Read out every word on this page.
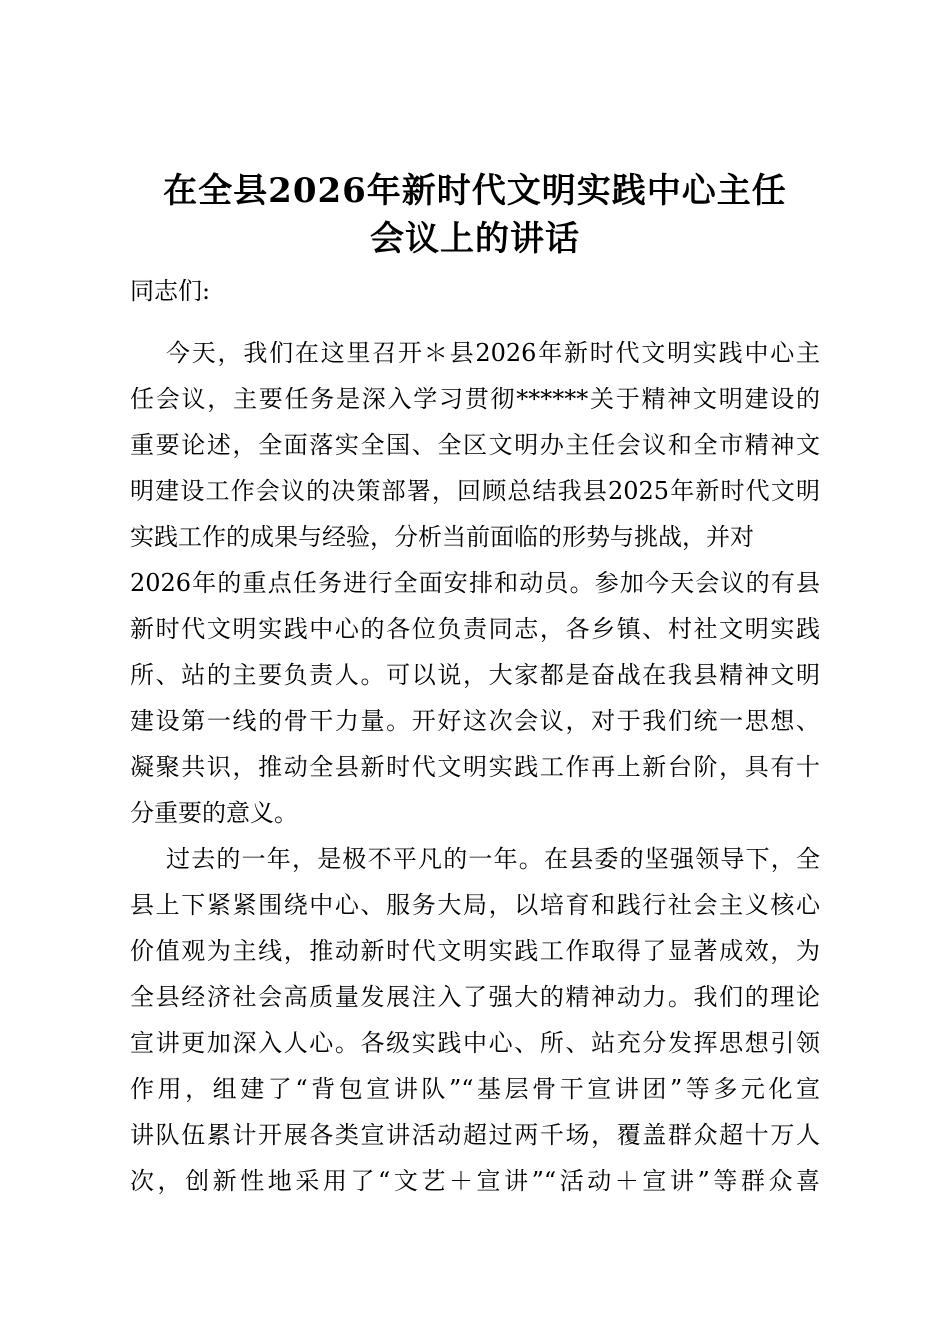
在全县2026年新时代文明实践中心主任
会议上的讲话
同志们:
今天，我们在这里召开＊县2026年新时代文明实践中心主
任会议，主要任务是深入学习贯彻******关于精神文明建设的
重要论述，全面落实全国、全区文明办主任会议和全市精神文
明建设工作会议的决策部署，回顾总结我县2025年新时代文明
实践工作的成果与经验，分析当前面临的形势与挑战，并对
2026年的重点任务进行全面安排和动员。参加今天会议的有县
新时代文明实践中心的各位负责同志，各乡镇、村社文明实践
所、站的主要负责人。可以说，大家都是奋战在我县精神文明
建设第一线的骨干力量。开好这次会议，对于我们统一思想、
凝聚共识，推动全县新时代文明实践工作再上新台阶，具有十
分重要的意义。
过去的一年，是极不平凡的一年。在县委的坚强领导下，全
县上下紧紧围绕中心、服务大局，以培育和践行社会主义核心
价值观为主线，推动新时代文明实践工作取得了显著成效，为
全县经济社会高质量发展注入了强大的精神动力。我们的理论
宣讲更加深入人心。各级实践中心、所、站充分发挥思想引领
作用，组建了“背包宣讲队”“基层骨干宣讲团”等多元化宣
讲队伍累计开展各类宣讲活动超过两千场，覆盖群众超十万人
次，创新性地采用了“文艺＋宣讲”“活动＋宣讲”等群众喜
